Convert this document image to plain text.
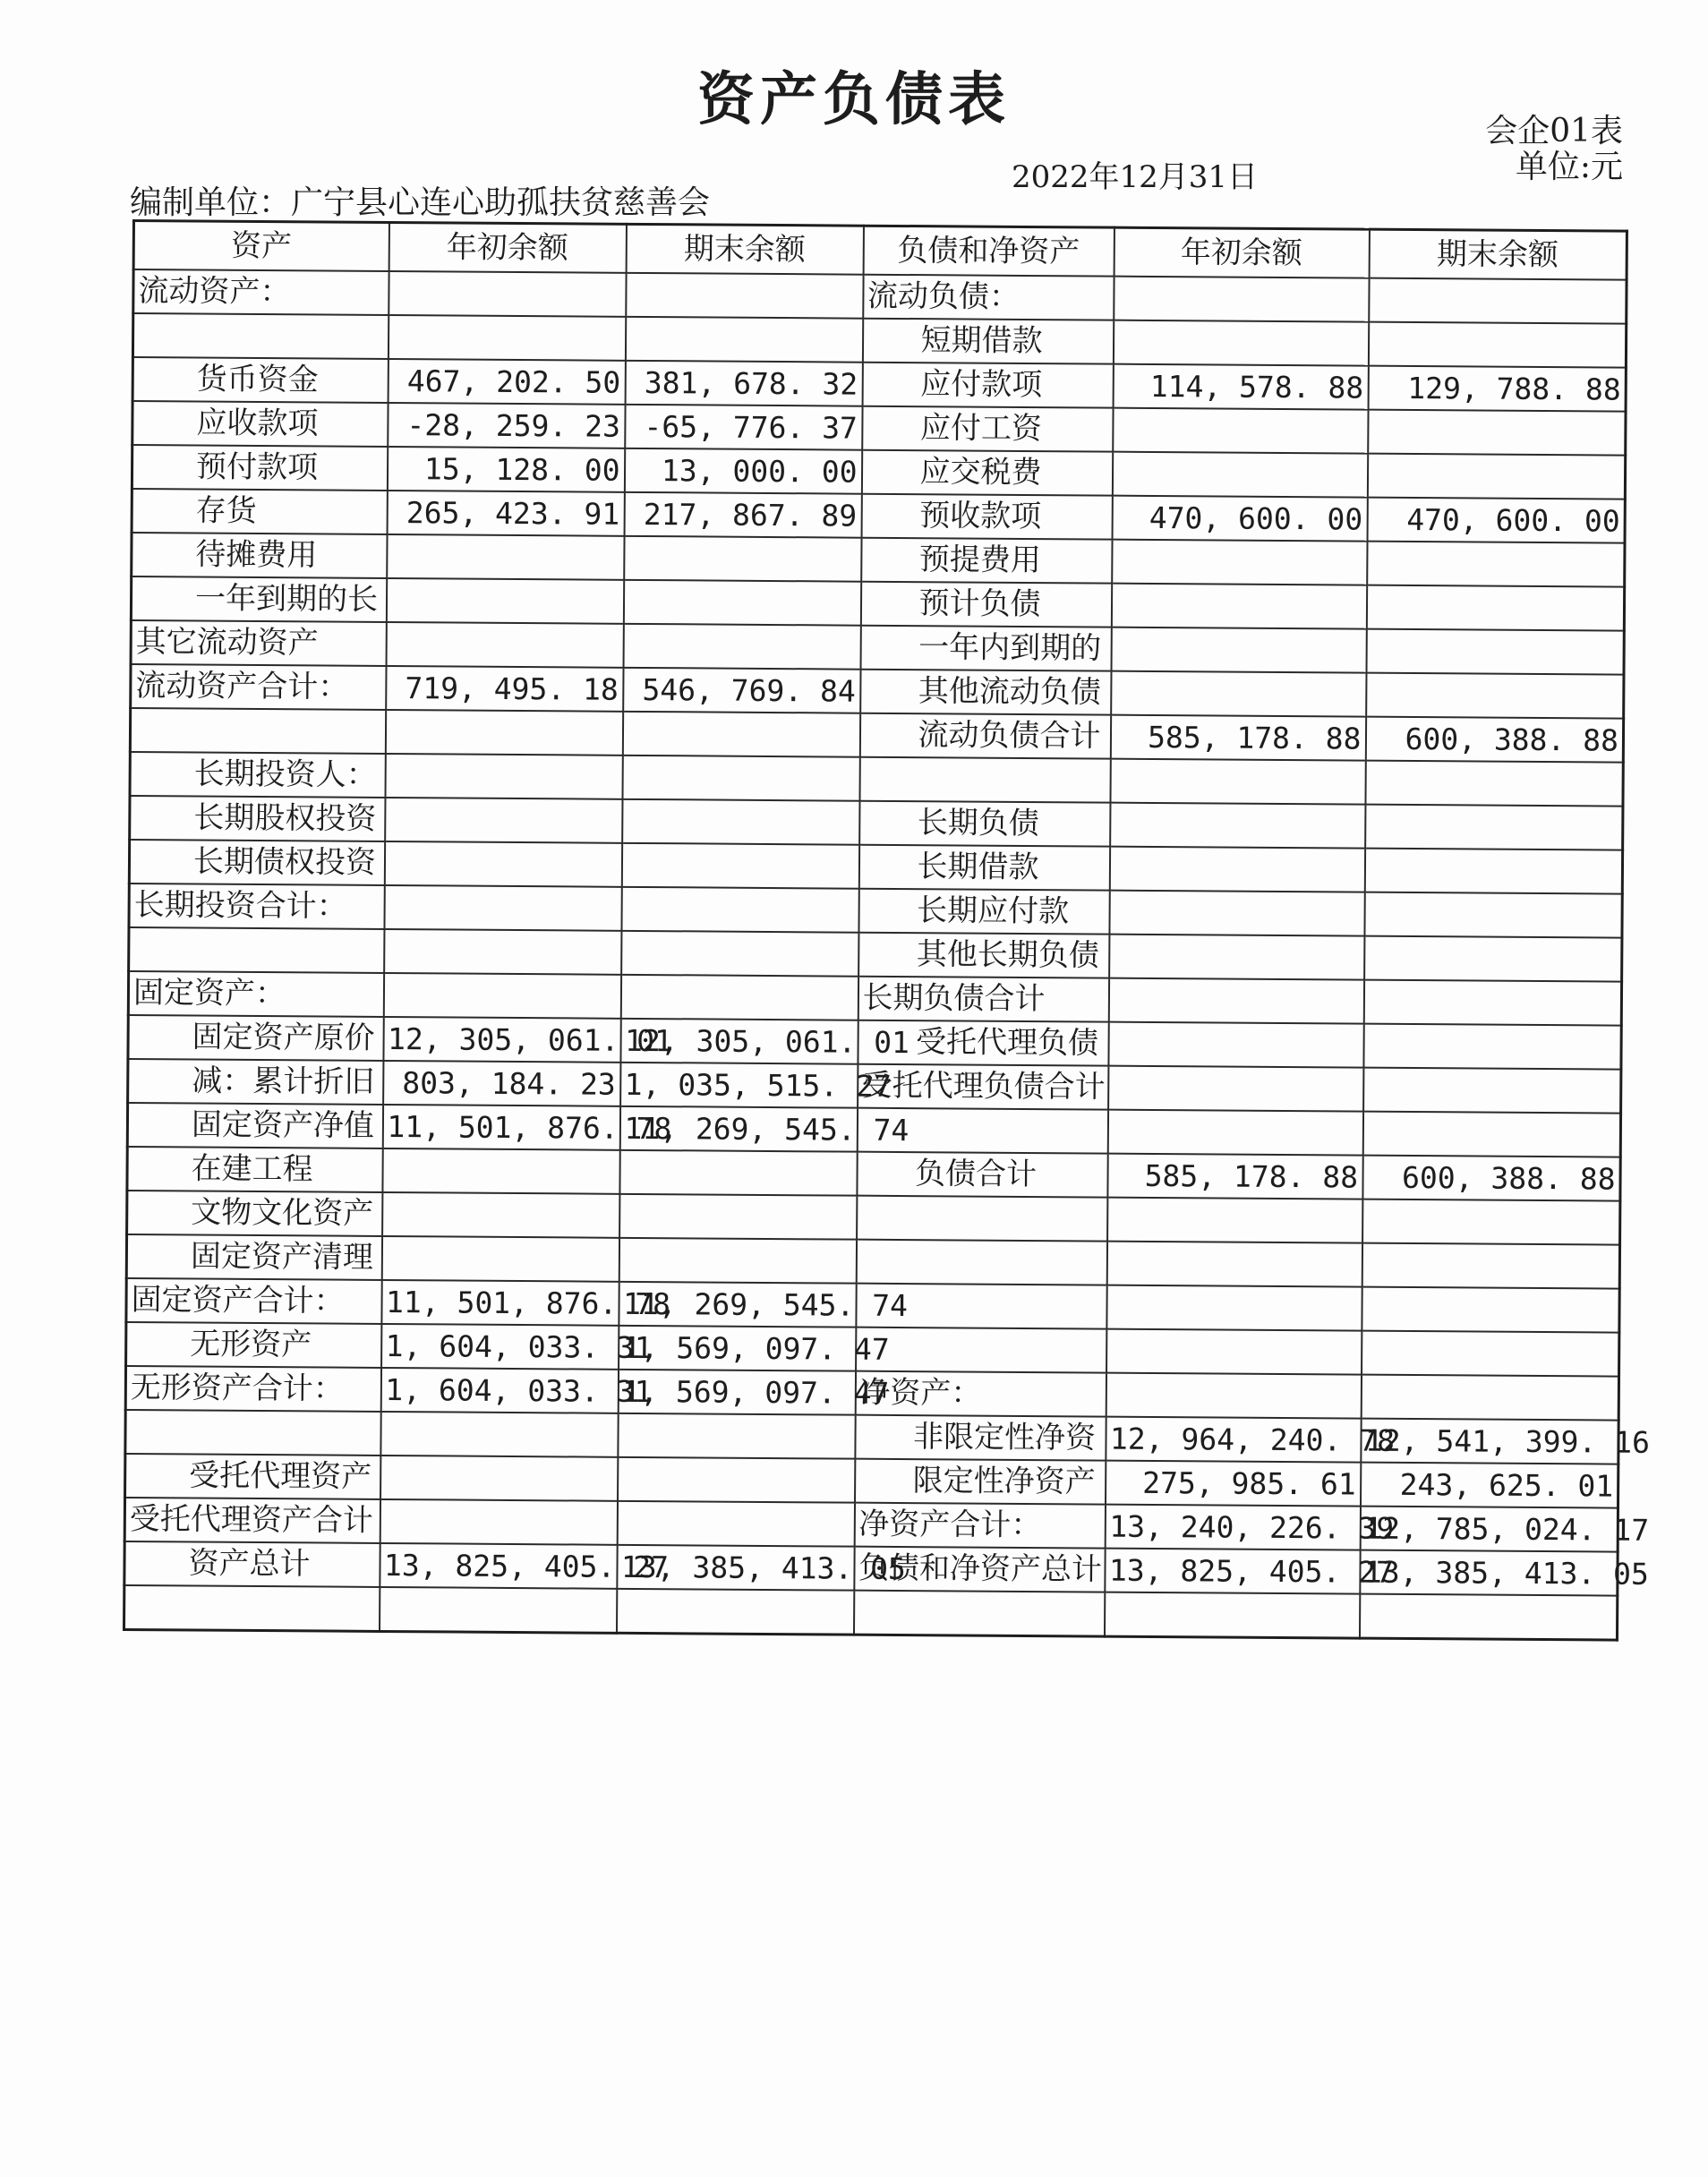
资产负债表	会企01表
单位:元
2022年12月31日
编制单位：广宁县心连心助孤扶贫慈善会
资产	年初余额	期末余额	负债和净资产	年初余额	期末余额
流动资产：			流动负债：		
			短期借款		
货币资金	467, 202. 50	381, 678. 32	应付款项	114, 578. 88	129, 788. 88
应收款项	-28, 259. 23	-65, 776. 37	应付工资		
预付款项	15, 128. 00	13, 000. 00	应交税费		
存货	265, 423. 91	217, 867. 89	预收款项	470, 600. 00	470, 600. 00
待摊费用			预提费用		
一年到期的长			预计负债		
其它流动资产			一年内到期的		
流动资产合计：	719, 495. 18	546, 769. 84	其他流动负债		
			流动负债合计	585, 178. 88	600, 388. 88
长期投资人：					
长期股权投资			长期负债		
长期债权投资			长期借款		
长期投资合计：			长期应付款		
			其他长期负债		
固定资产：			长期负债合计		
固定资产原价	12, 305, 061. 01	12, 305, 061. 01	受托代理负债		
减：累计折旧	803, 184. 23	1, 035, 515. 27	受托代理负债合计		
固定资产净值	11, 501, 876. 78	11, 269, 545. 74			
在建工程			负债合计	585, 178. 88	600, 388. 88
文物文化资产					
固定资产清理					
固定资产合计：	11, 501, 876. 78	11, 269, 545. 74			
无形资产	1, 604, 033. 31	1, 569, 097. 47			
无形资产合计：	1, 604, 033. 31	1, 569, 097. 47	净资产：		
			非限定性净资	12, 964, 240. 78	12, 541, 399. 16
受托代理资产			限定性净资产	275, 985. 61	243, 625. 01
受托代理资产合计			净资产合计：	13, 240, 226. 39	12, 785, 024. 17
资产总计	13, 825, 405. 27	13, 385, 413. 05	负债和净资产总计	13, 825, 405. 27	13, 385, 413. 05
